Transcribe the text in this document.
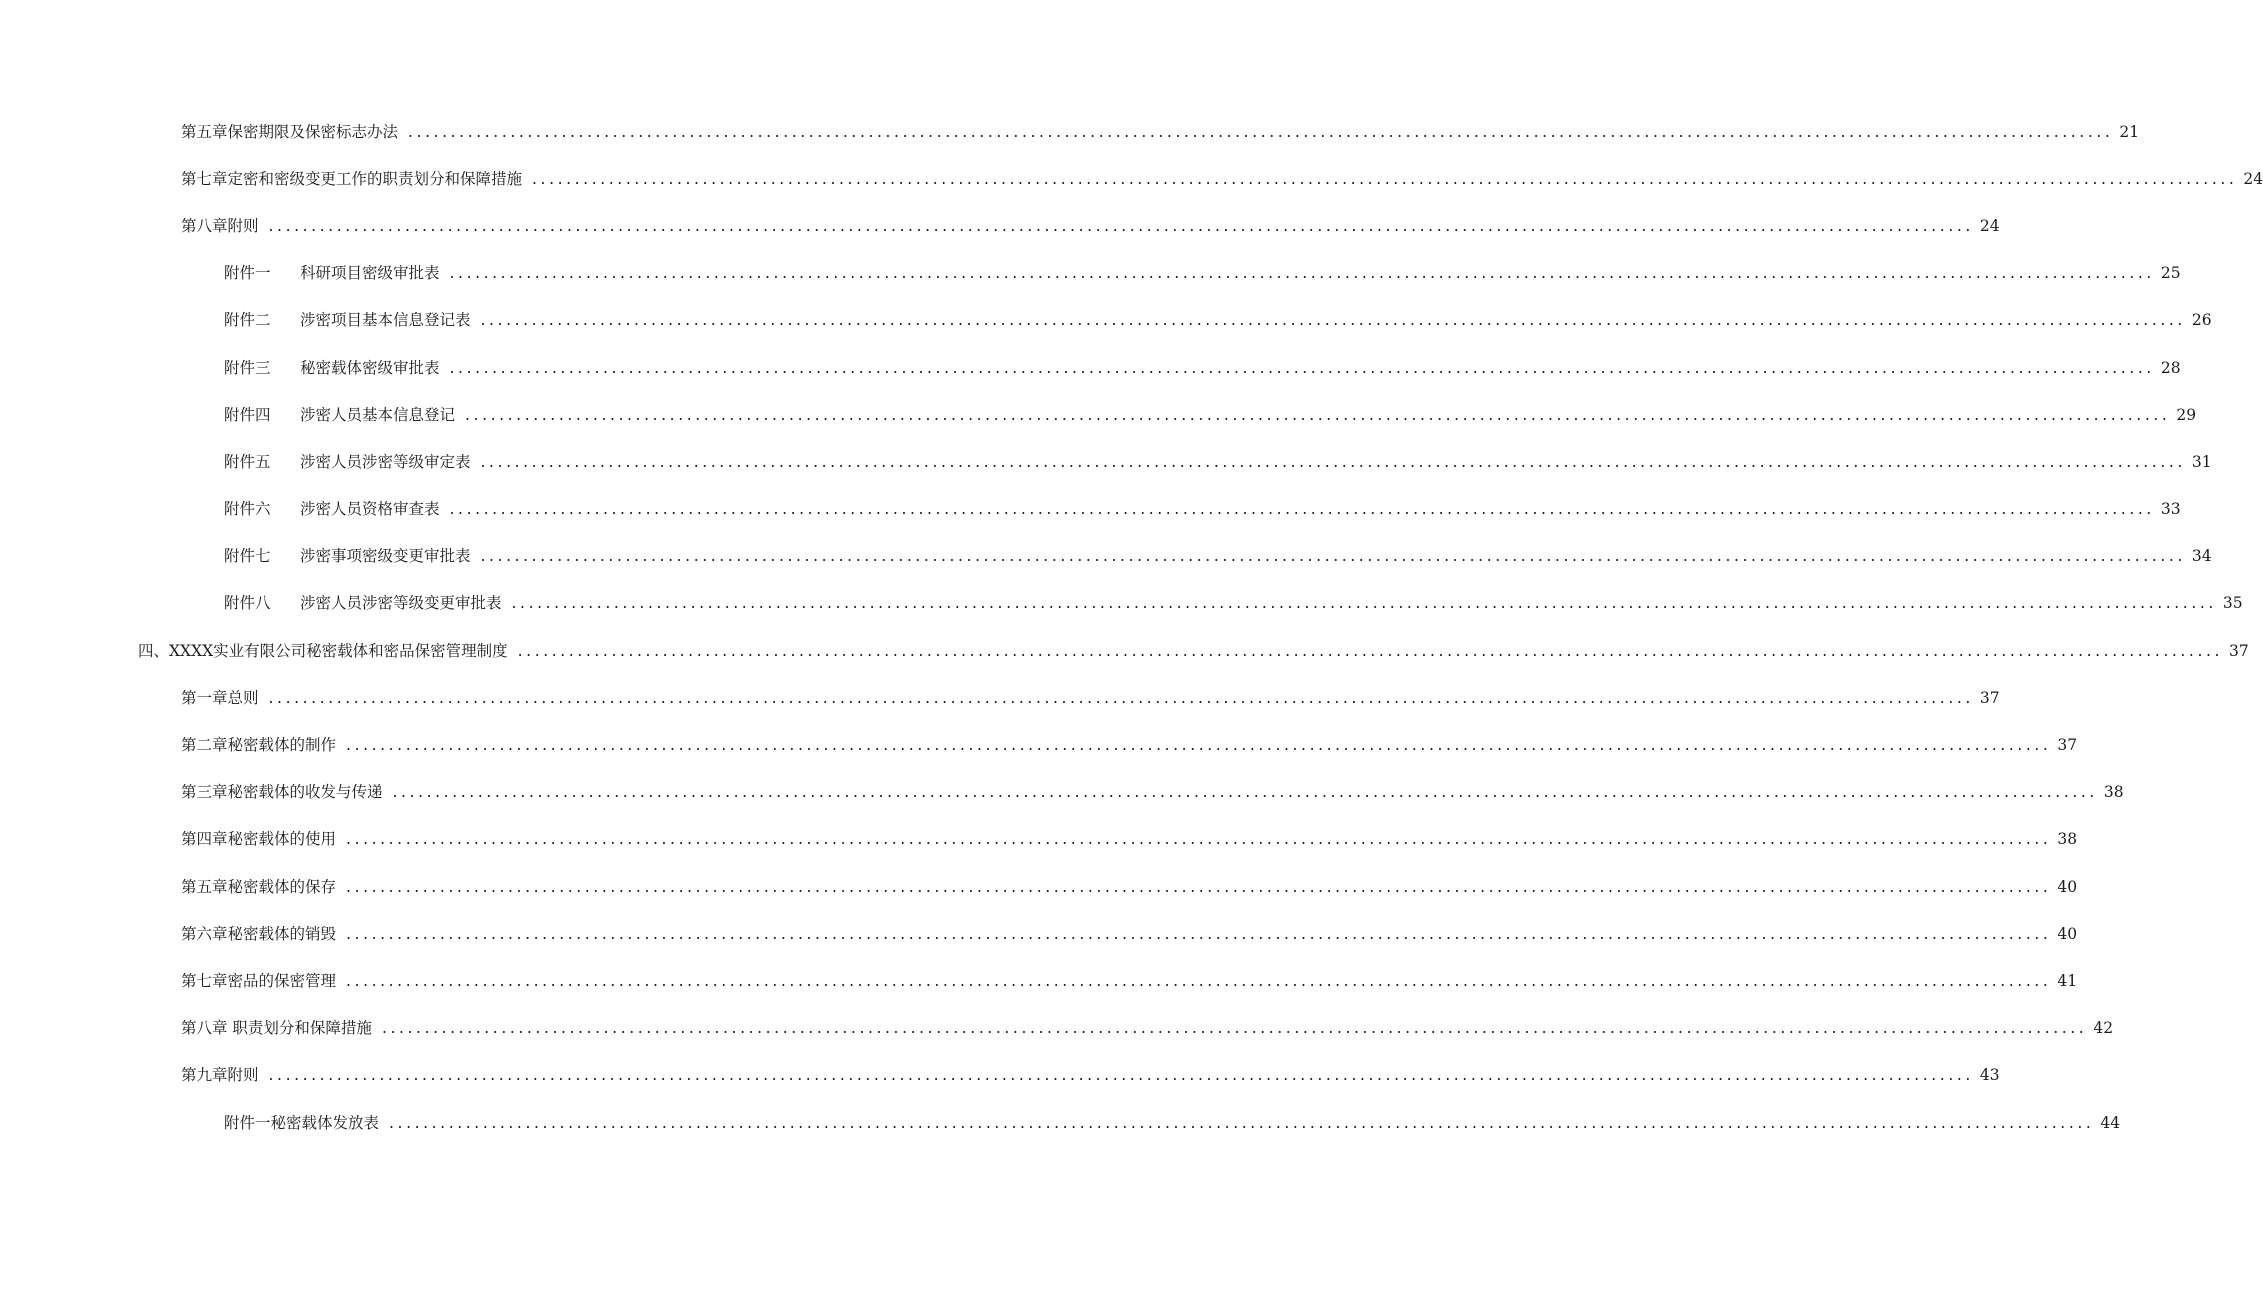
第五章保密期限及保密标志办法 ........................................................................................................................................................................................................ 21
第七章定密和密级变更工作的职责划分和保障措施 ........................................................................................................................................................................................................ 24
第八章附则 ........................................................................................................................................................................................................ 24
附件一 科研项目密级审批表 ........................................................................................................................................................................................................ 25
附件二 涉密项目基本信息登记表 ........................................................................................................................................................................................................ 26
附件三 秘密载体密级审批表 ........................................................................................................................................................................................................ 28
附件四 涉密人员基本信息登记 ........................................................................................................................................................................................................ 29
附件五 涉密人员涉密等级审定表 ........................................................................................................................................................................................................ 31
附件六 涉密人员资格审查表 ........................................................................................................................................................................................................ 33
附件七 涉密事项密级变更审批表 ........................................................................................................................................................................................................ 34
附件八 涉密人员涉密等级变更审批表 ........................................................................................................................................................................................................ 35
四、XXXX实业有限公司秘密载体和密品保密管理制度 ........................................................................................................................................................................................................ 37
第一章总则 ........................................................................................................................................................................................................ 37
第二章秘密载体的制作 ........................................................................................................................................................................................................ 37
第三章秘密载体的收发与传递 ........................................................................................................................................................................................................ 38
第四章秘密载体的使用 ........................................................................................................................................................................................................ 38
第五章秘密载体的保存 ........................................................................................................................................................................................................ 40
第六章秘密载体的销毁 ........................................................................................................................................................................................................ 40
第七章密品的保密管理 ........................................................................................................................................................................................................ 41
第八章 职责划分和保障措施 ........................................................................................................................................................................................................ 42
第九章附则 ........................................................................................................................................................................................................ 43
附件一秘密载体发放表 ........................................................................................................................................................................................................ 44
